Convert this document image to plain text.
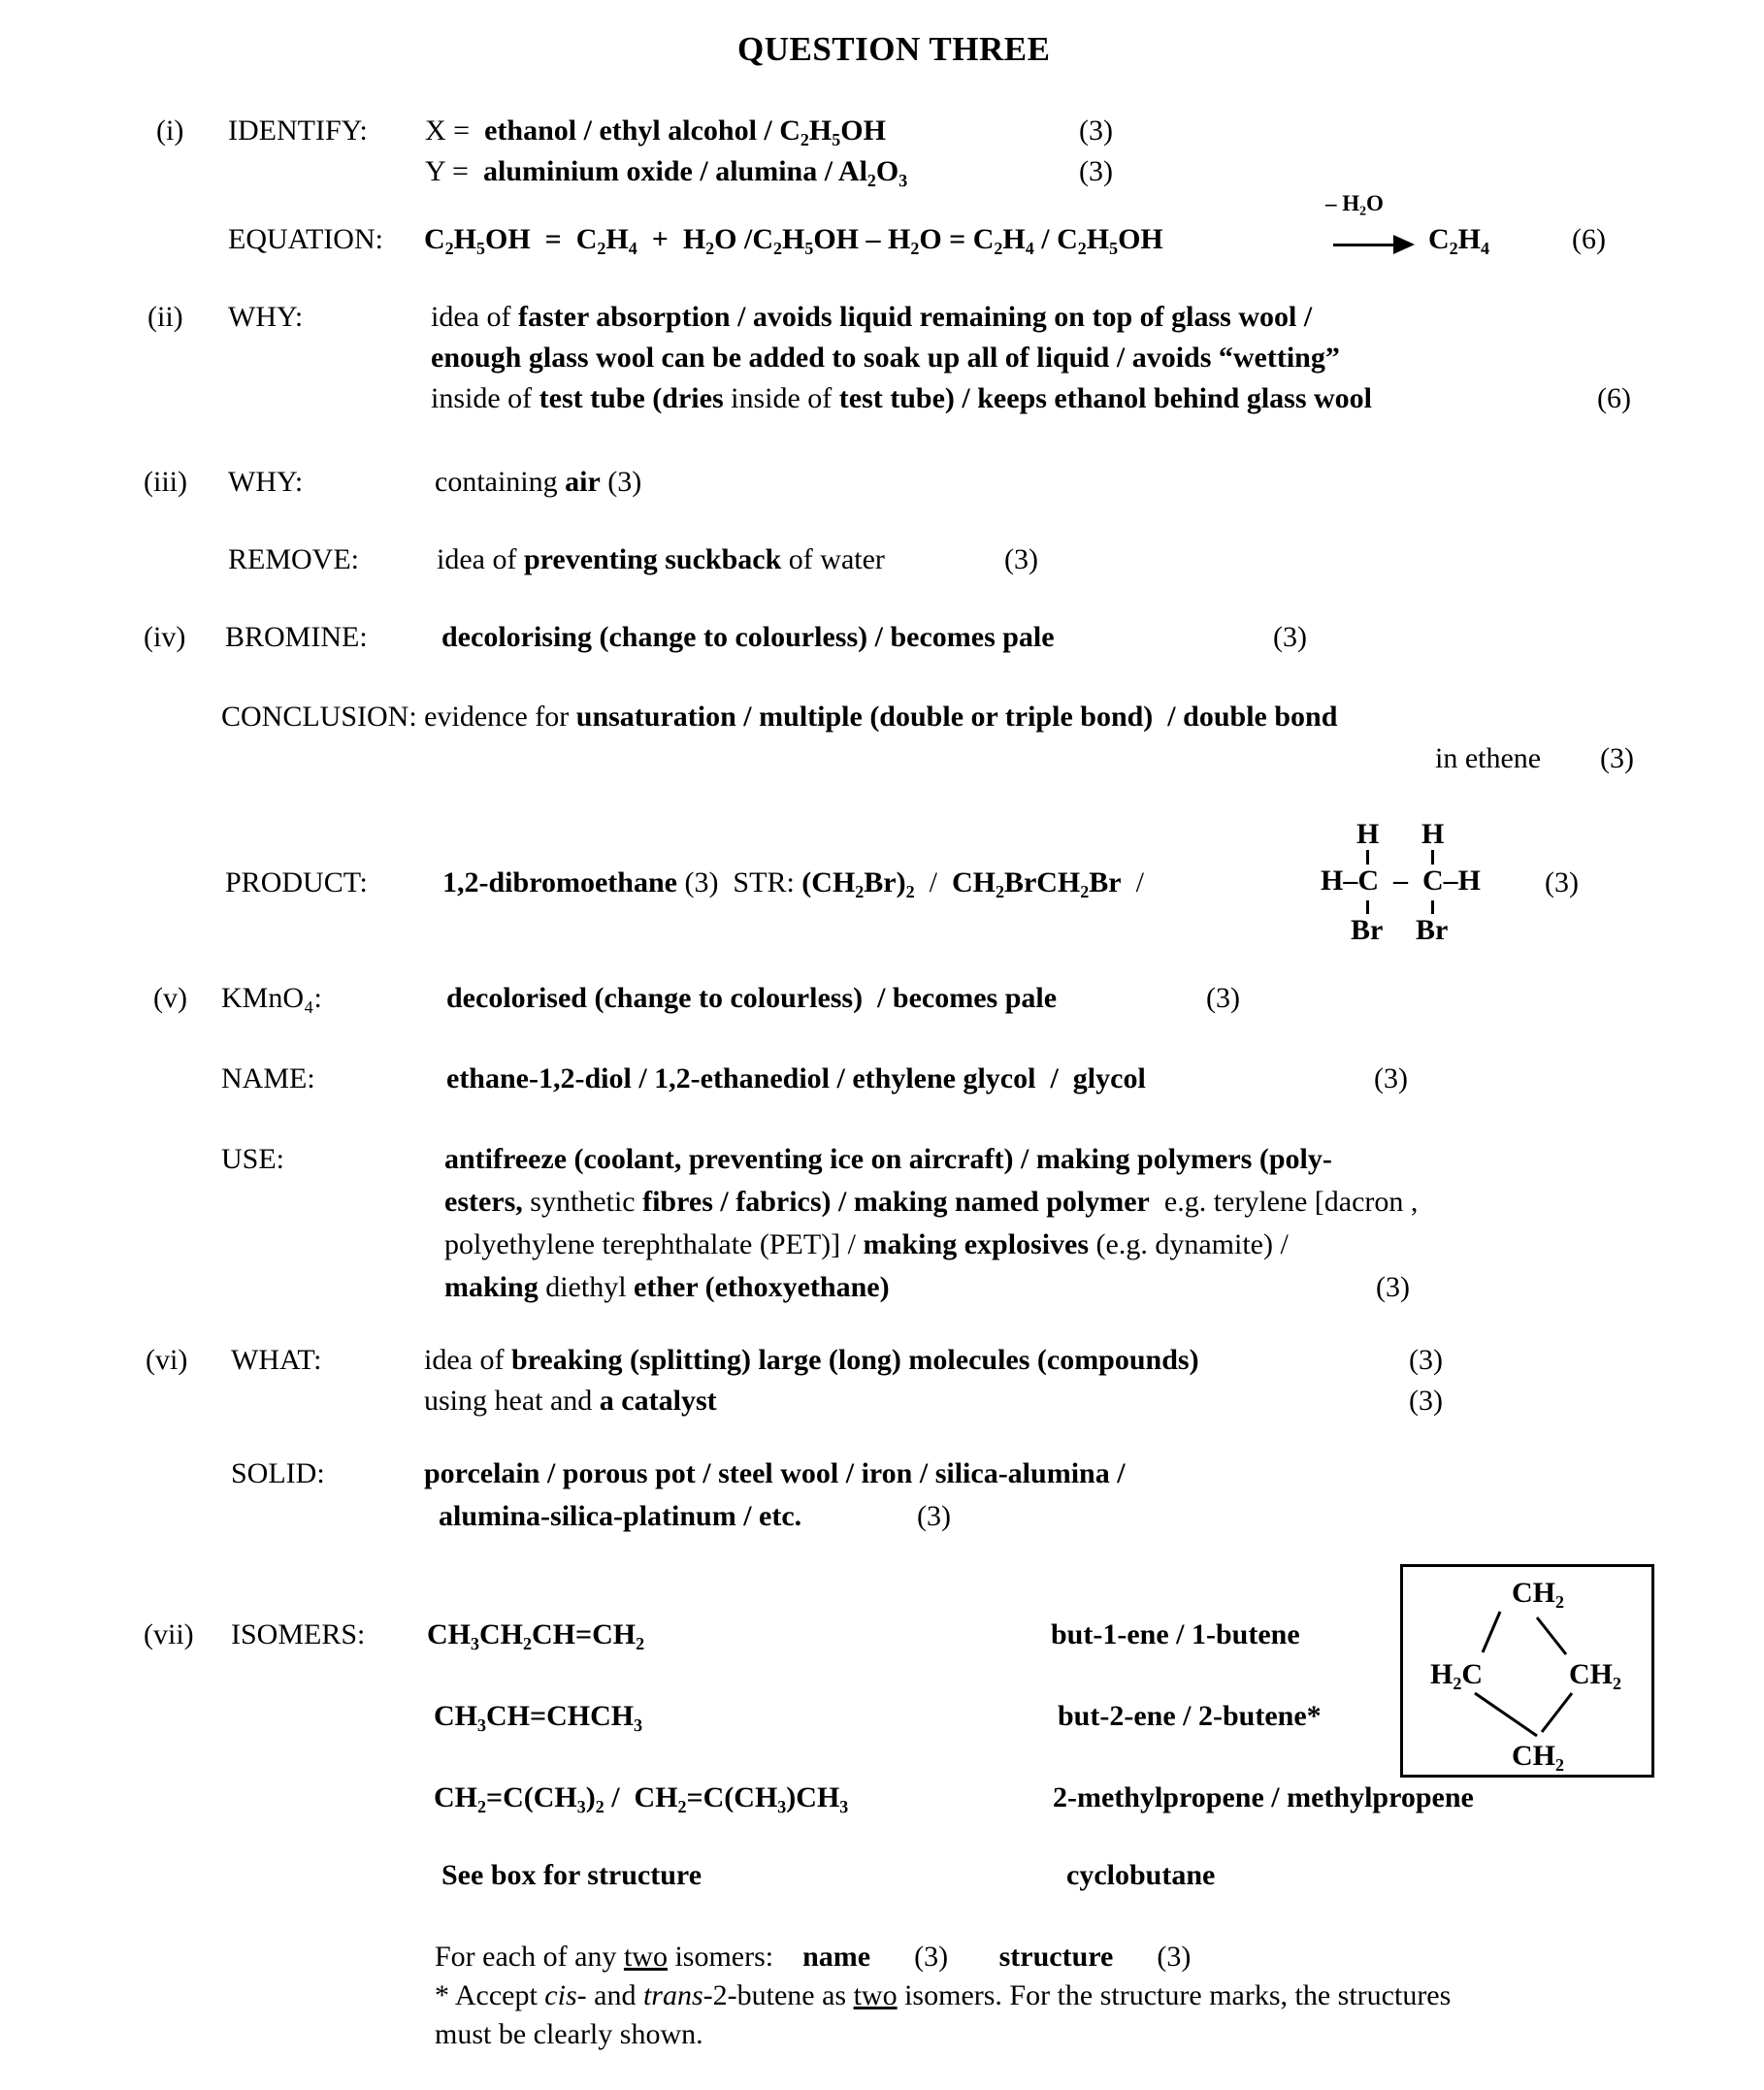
QUESTION THREE
(i) IDENTIFY: X =  ethanol / ethyl alcohol / C₂H₅OH	(3)
Y =  aluminium oxide / alumina / Al₂O₃	(3)
EQUATION: C₂H₅OH  =  C₂H₄  +  H₂O /C₂H₅OH – H₂O = C₂H₄ / C₂H₅OH
– H₂O
C₂H₄	(6)
(ii) WHY:	idea of faster absorption / avoids liquid remaining on top of glass wool /
enough glass wool can be added to soak up all of liquid / avoids “wetting”
inside of test tube (dries inside of test tube) / keeps ethanol behind glass wool	(6)
(iii) WHY:	containing air (3)
REMOVE:	idea of preventing suckback of water	(3)
(iv) BROMINE:	decolorising (change to colourless) / becomes pale	(3)
CONCLUSION: evidence for unsaturation / multiple (double or triple bond)  / double bond
in ethene (3)
PRODUCT:	1,2-dibromoethane (3)  STR: (CH₂Br)₂  /  CH₂BrCH₂Br  /
H H
H–C  –  C–H
Br Br
(3)
(v) KMnO₄:	decolorised (change to colourless)  / becomes pale	(3)
NAME:	ethane-1,2-diol / 1,2-ethanediol / ethylene glycol  /  glycol	(3)
USE:	antifreeze (coolant, preventing ice on aircraft) / making polymers (poly-
esters, synthetic fibres / fabrics) / making named polymer  e.g. terylene [dacron ,
polyethylene terephthalate (PET)] / making explosives (e.g. dynamite) /
making diethyl ether (ethoxyethane)	(3)
(vi) WHAT:	idea of breaking (splitting) large (long) molecules (compounds)	(3)
using heat and a catalyst	(3)
SOLID:	porcelain / porous pot / steel wool / iron / silica-alumina /
alumina-silica-platinum / etc.	(3)
(vii) ISOMERS: CH₃CH₂CH=CH₂	but-1-ene / 1-butene
CH₃CH=CHCH₃	but-2-ene / 2-butene*
CH₂=C(CH₃)₂ /  CH₂=C(CH₃)CH₃	2-methylpropene / methylpropene
See box for structure	cyclobutane
CH₂
H₂C	CH₂
CH₂
For each of any two isomers:    name      (3)       structure      (3)
* Accept cis- and trans-2-butene as two isomers. For the structure marks, the structures
must be clearly shown.
